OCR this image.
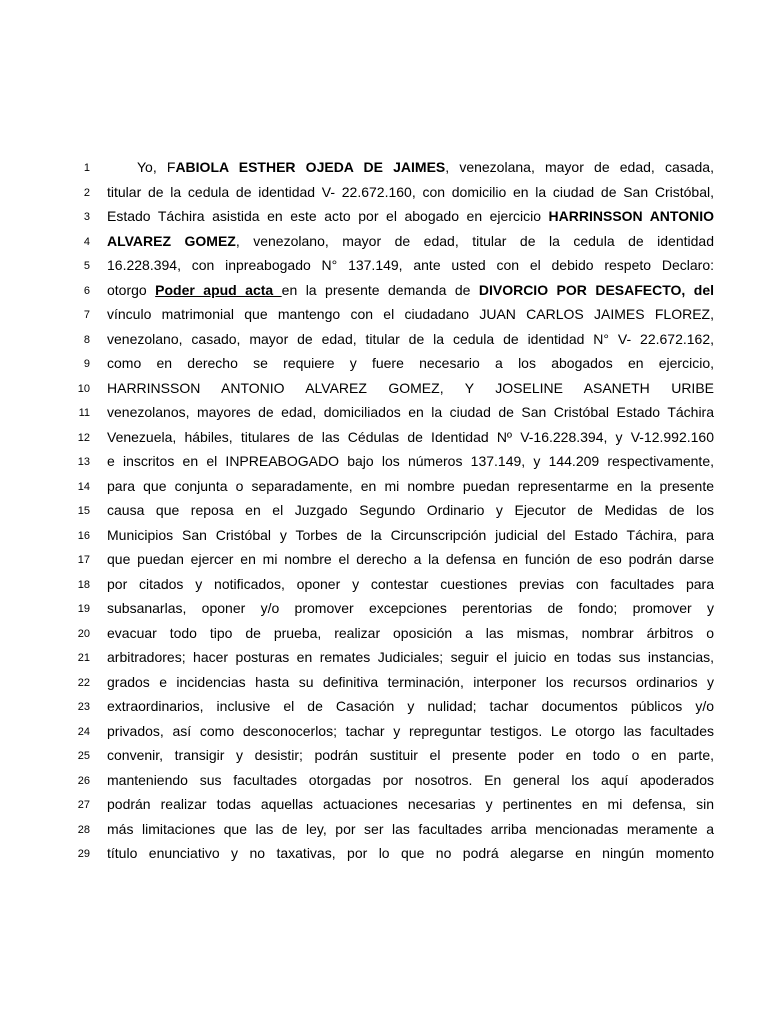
1	Yo, FABIOLA ESTHER OJEDA DE JAIMES, venezolana, mayor de edad, casada,
2 titular de la cedula de identidad V- 22.672.160, con domicilio en la ciudad de San Cristóbal,
3 Estado Táchira asistida en este acto por el abogado en ejercicio HARRINSSON ANTONIO
4 ALVAREZ GOMEZ, venezolano, mayor de edad, titular de la cedula de identidad
5 16.228.394, con inpreabogado N° 137.149, ante usted con el debido respeto Declaro:
6 otorgo Poder apud acta en la presente demanda de DIVORCIO POR DESAFECTO, del
7 vínculo matrimonial que mantengo con el ciudadano JUAN CARLOS JAIMES FLOREZ,
8 venezolano, casado, mayor de edad, titular de la cedula de identidad N° V- 22.672.162,
9 como en derecho se requiere y fuere necesario a los abogados en ejercicio,
10 HARRINSSON ANTONIO ALVAREZ GOMEZ, Y JOSELINE ASANETH URIBE
11 venezolanos, mayores de edad, domiciliados en la ciudad de San Cristóbal Estado Táchira
12 Venezuela, hábiles, titulares de las Cédulas de Identidad Nº V-16.228.394, y V-12.992.160
13 e inscritos en el INPREABOGADO bajo los números 137.149, y 144.209 respectivamente,
14 para que conjunta o separadamente, en mi nombre puedan representarme en la presente
15 causa que reposa en el Juzgado Segundo Ordinario y Ejecutor de Medidas de los
16 Municipios San Cristóbal y Torbes de la Circunscripción judicial del Estado Táchira, para
17 que puedan ejercer en mi nombre el derecho a la defensa en función de eso podrán darse
18 por citados y notificados, oponer y contestar cuestiones previas con facultades para
19 subsanarlas, oponer y/o promover excepciones perentorias de fondo; promover y
20 evacuar todo tipo de prueba, realizar oposición a las mismas, nombrar árbitros o
21 arbitradores; hacer posturas en remates Judiciales; seguir el juicio en todas sus instancias,
22 grados e incidencias hasta su definitiva terminación, interponer los recursos ordinarios y
23 extraordinarios, inclusive el de Casación y nulidad; tachar documentos públicos y/o
24 privados, así como desconocerlos; tachar y repreguntar testigos. Le otorgo las facultades
25 convenir, transigir y desistir; podrán sustituir el presente poder en todo o en parte,
26 manteniendo sus facultades otorgadas por nosotros. En general los aquí apoderados
27 podrán realizar todas aquellas actuaciones necesarias y pertinentes en mi defensa, sin
28 más limitaciones que las de ley, por ser las facultades arriba mencionadas meramente a
29 título enunciativo y no taxativas, por lo que no podrá alegarse en ningún momento
